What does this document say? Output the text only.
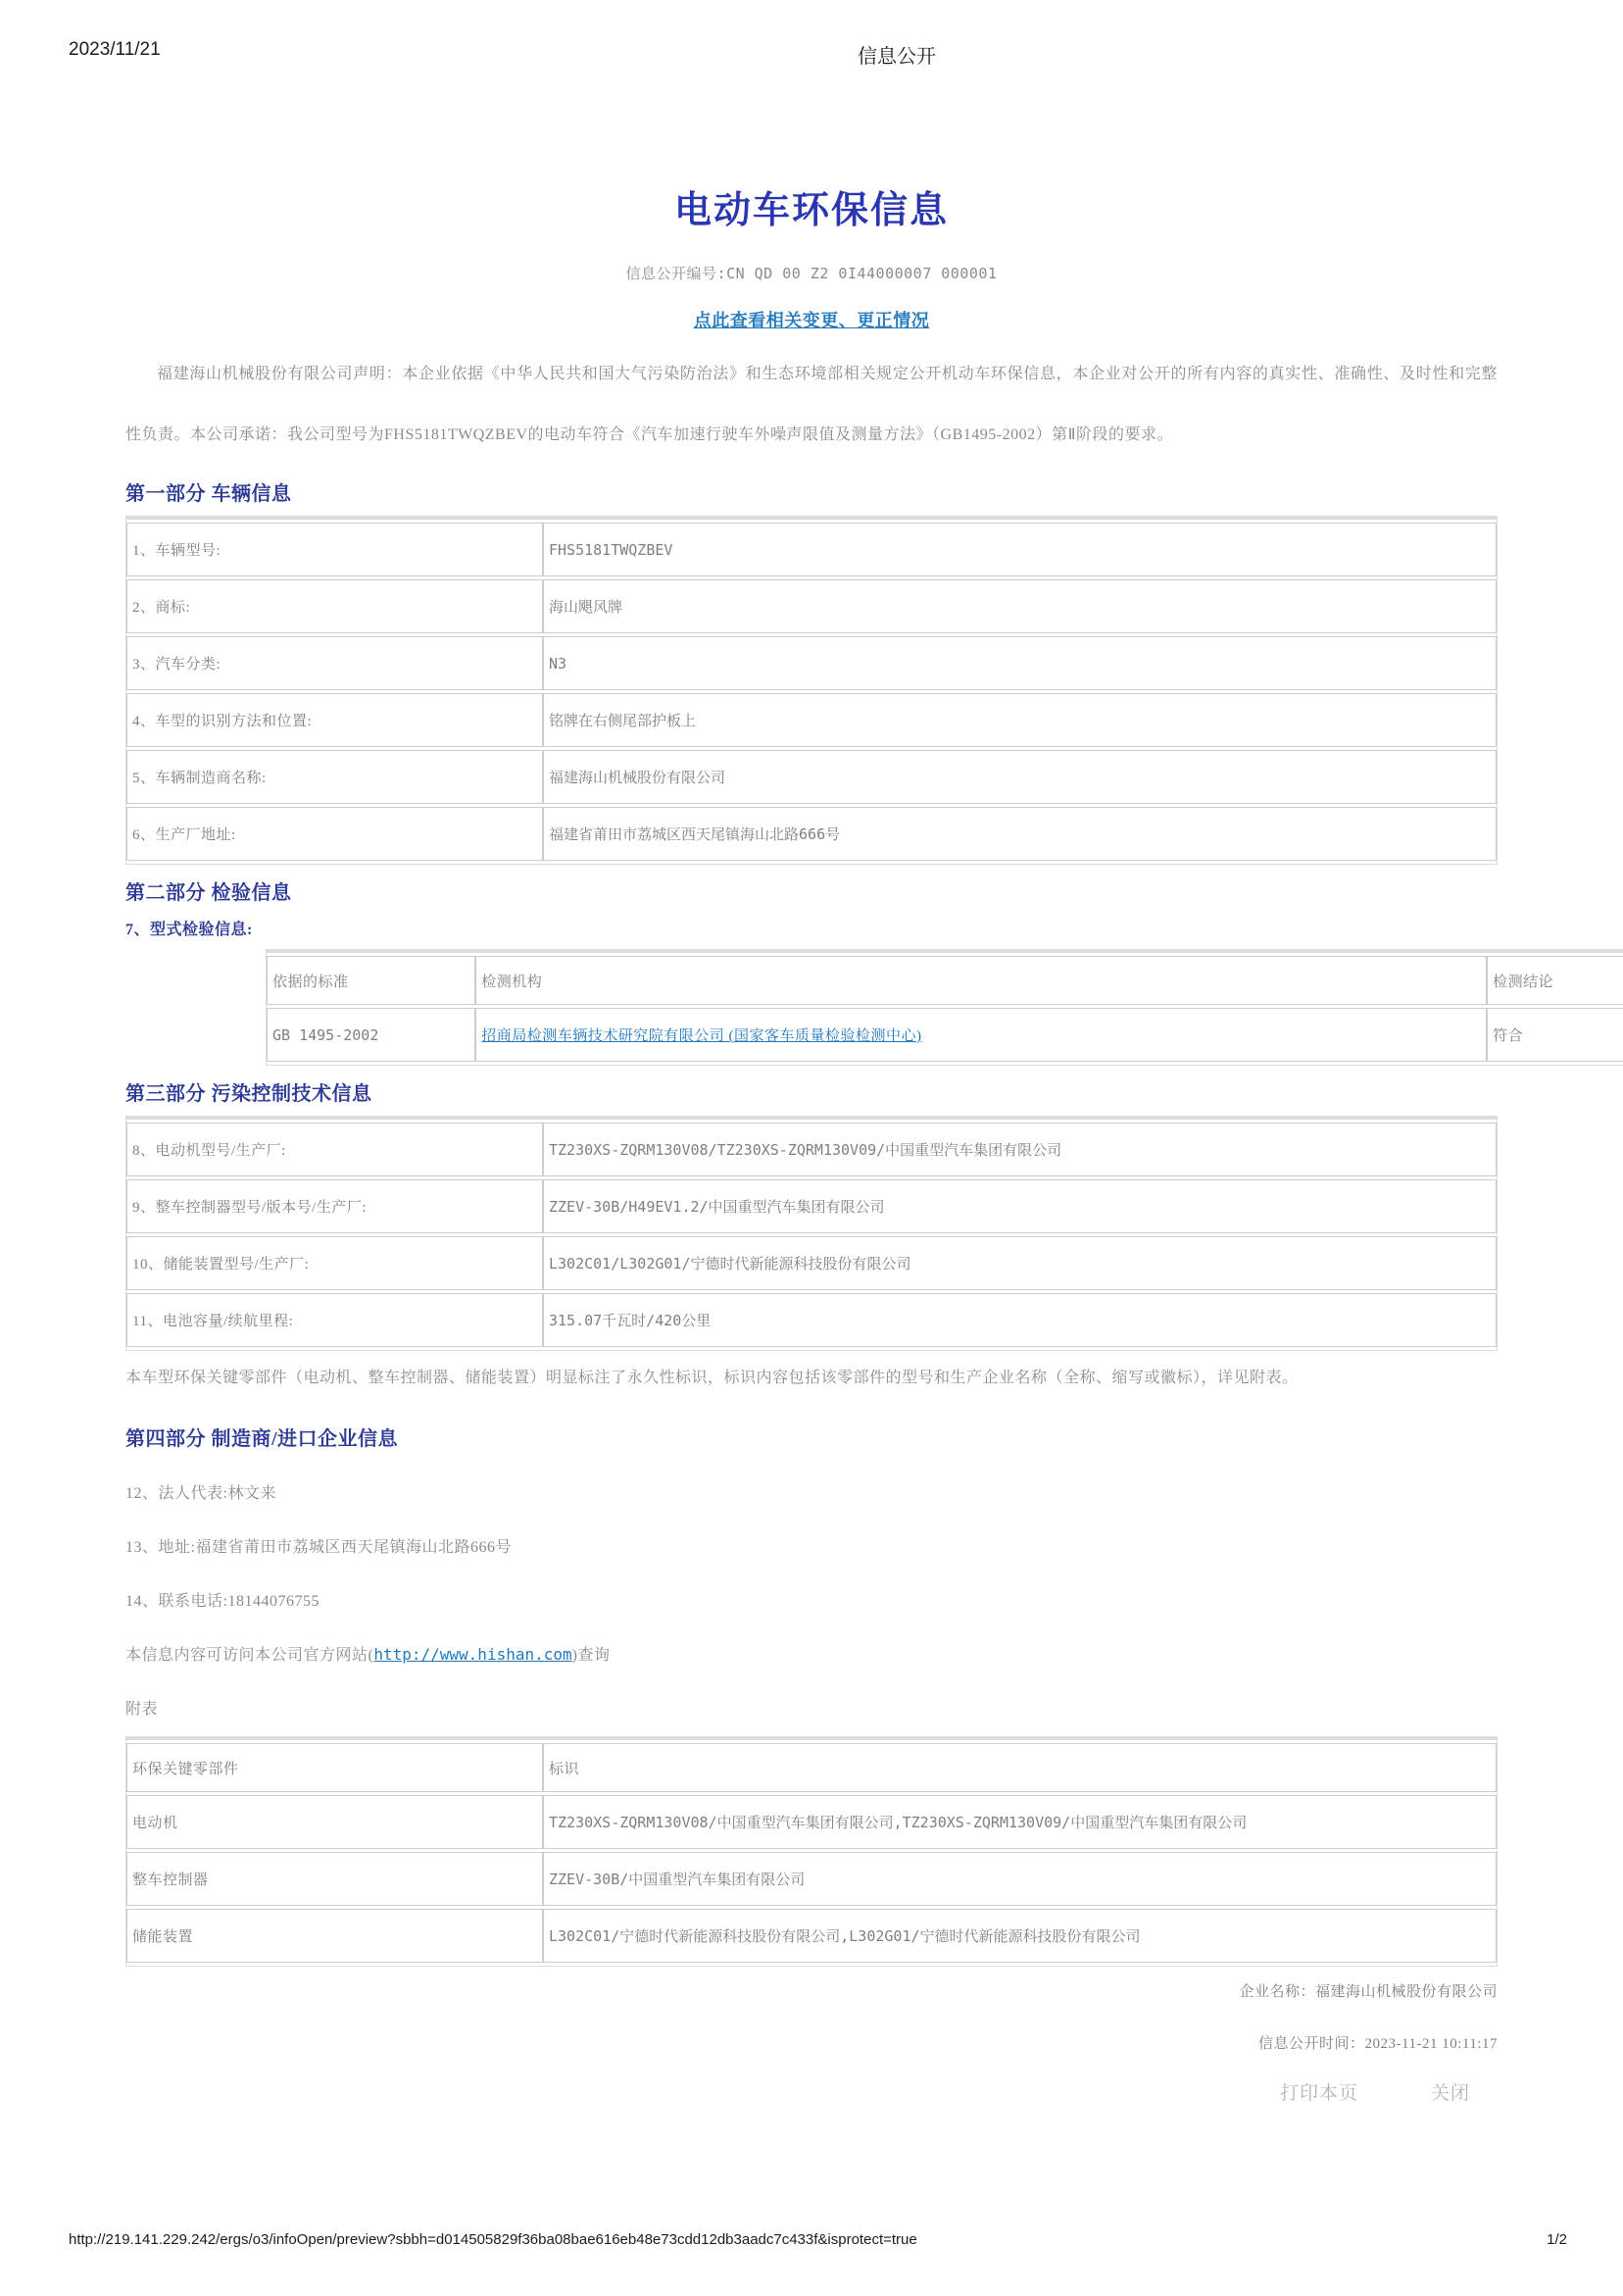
2023/11/21	信息公开
电动车环保信息
信息公开编号:CN QD 00 Z2 0I44000007 000001
点此查看相关变更、更正情况

福建海山机械股份有限公司声明：本企业依据《中华人民共和国大气污染防治法》和生态环境部相关规定公开机动车环保信息，本企业对公开的所有内容的真实性、准确性、及时性和完整性负责。本公司承诺：我公司型号为FHS5181TWQZBEV的电动车符合《汽车加速行驶车外噪声限值及测量方法》（GB1495-2002）第Ⅱ阶段的要求。

第一部分 车辆信息
1、车辆型号:	FHS5181TWQZBEV
2、商标:	海山飓风牌
3、汽车分类:	N3
4、车型的识别方法和位置:	铭牌在右侧尾部护板上
5、车辆制造商名称:	福建海山机械股份有限公司
6、生产厂地址:	福建省莆田市荔城区西天尾镇海山北路666号
第二部分 检验信息
7、型式检验信息:
依据的标准	检测机构	检测结论
GB 1495-2002	招商局检测车辆技术研究院有限公司 (国家客车质量检验检测中心)	符合
第三部分 污染控制技术信息
8、电动机型号/生产厂:	TZ230XS-ZQRM130V08/TZ230XS-ZQRM130V09/中国重型汽车集团有限公司
9、整车控制器型号/版本号/生产厂:	ZZEV-30B/H49EV1.2/中国重型汽车集团有限公司
10、储能装置型号/生产厂:	L302C01/L302G01/宁德时代新能源科技股份有限公司
11、电池容量/续航里程:	315.07千瓦时/420公里

本车型环保关键零部件（电动机、整车控制器、储能装置）明显标注了永久性标识，标识内容包括该零部件的型号和生产企业名称（全称、缩写或徽标），详见附表。

第四部分 制造商/进口企业信息

12、法人代表:林文来

13、地址:福建省莆田市荔城区西天尾镇海山北路666号

14、联系电话:18144076755

本信息内容可访问本公司官方网站(http://www.hishan.com)查询

附表

环保关键零部件	标识
电动机	TZ230XS-ZQRM130V08/中国重型汽车集团有限公司,TZ230XS-ZQRM130V09/中国重型汽车集团有限公司
整车控制器	ZZEV-30B/中国重型汽车集团有限公司
储能装置	L302C01/宁德时代新能源科技股份有限公司,L302G01/宁德时代新能源科技股份有限公司

企业名称：福建海山机械股份有限公司

信息公开时间：2023-11-21 10:11:17

打印本页	关闭
http://219.141.229.242/ergs/o3/infoOpen/preview?sbbh=d014505829f36ba08bae616eb48e73cdd12db3aadc7c433f&isprotect=true	1/2
